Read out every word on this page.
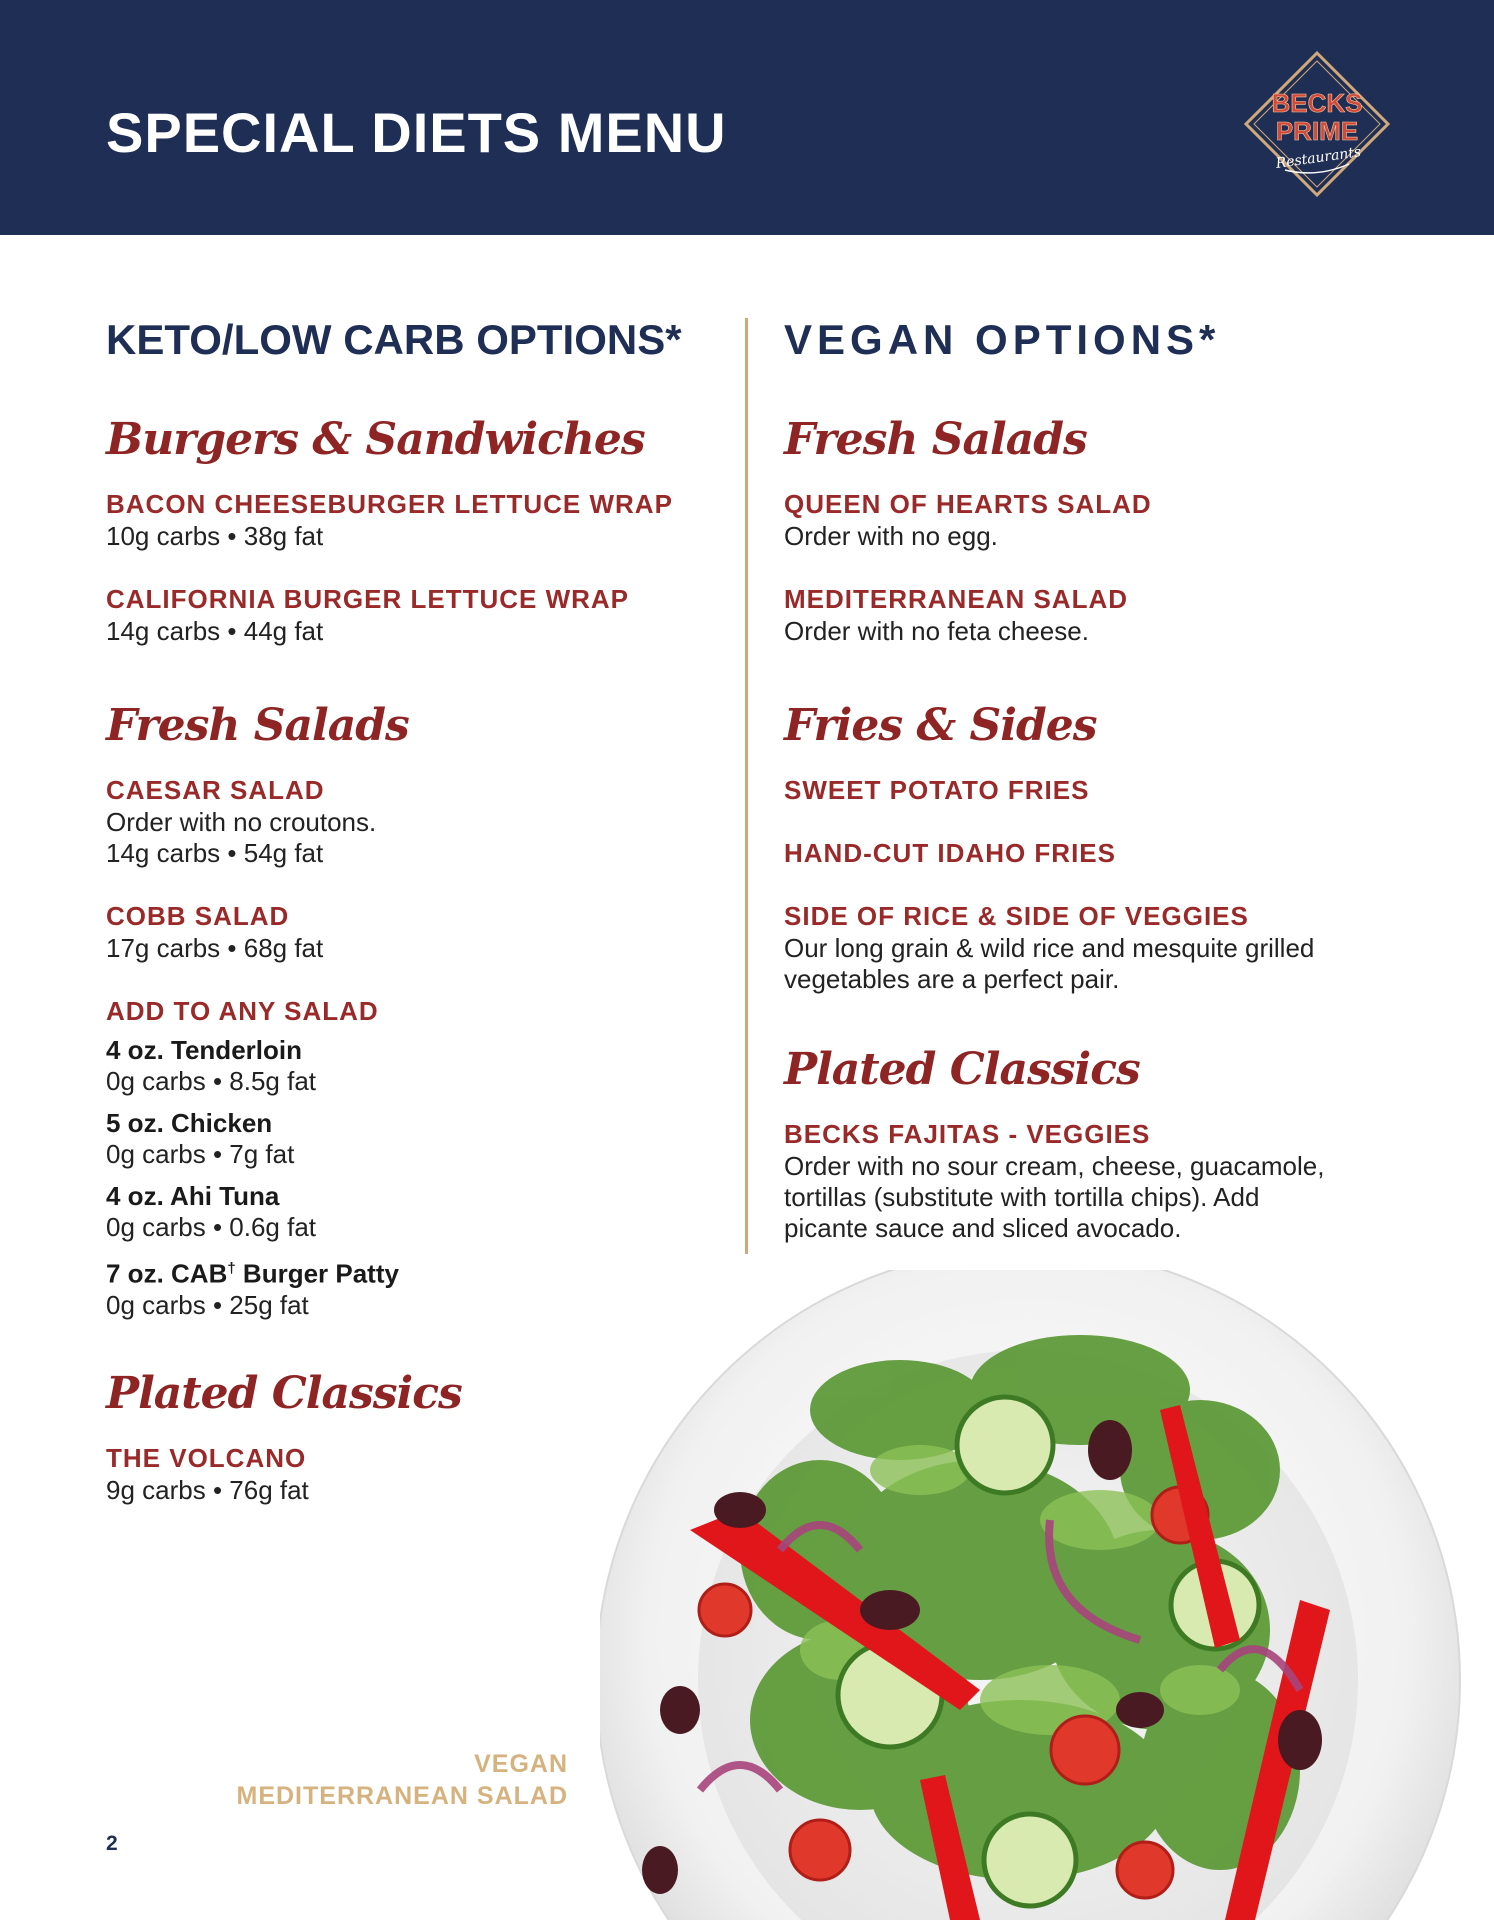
SPECIAL DIETS MENU	BECKS
PRIME
Restaurants
KETO/LOW CARB OPTIONS*
Burgers & Sandwiches
BACON CHEESEBURGER LETTUCE WRAP
10g carbs • 38g fat
CALIFORNIA BURGER LETTUCE WRAP
14g carbs • 44g fat
Fresh Salads
CAESAR SALAD
Order with no croutons.
14g carbs • 54g fat
COBB SALAD
17g carbs • 68g fat
ADD TO ANY SALAD
4 oz. Tenderloin
0g carbs • 8.5g fat
5 oz. Chicken
0g carbs • 7g fat
4 oz. Ahi Tuna
0g carbs • 0.6g fat
7 oz. CAB† Burger Patty
0g carbs • 25g fat
Plated Classics
THE VOLCANO
9g carbs • 76g fat
VEGAN OPTIONS*
Fresh Salads
QUEEN OF HEARTS SALAD
Order with no egg.
MEDITERRANEAN SALAD
Order with no feta cheese.
Fries & Sides
SWEET POTATO FRIES
HAND-CUT IDAHO FRIES
SIDE OF RICE & SIDE OF VEGGIES
Our long grain & wild rice and mesquite grilled
vegetables are a perfect pair.
Plated Classics
BECKS FAJITAS - VEGGIES
Order with no sour cream, cheese, guacamole,
tortillas (substitute with tortilla chips). Add
picante sauce and sliced avocado.
VEGAN
MEDITERRANEAN SALAD
2
